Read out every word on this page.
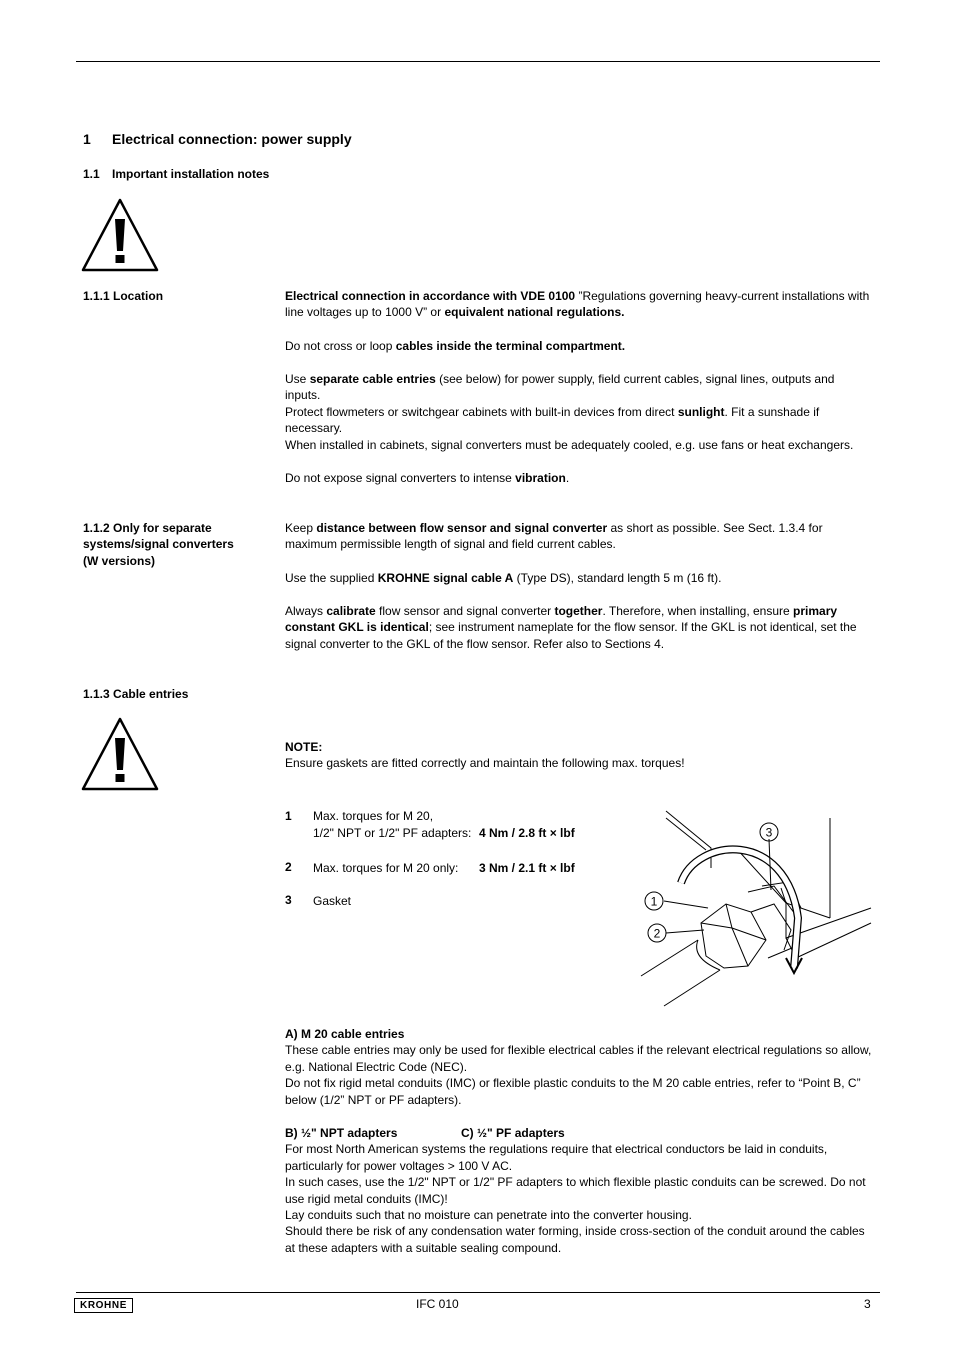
1 Electrical connection: power supply
1.1 Important installation notes

1.1.1 Location	Electrical connection in accordance with VDE 0100 ”Regulations governing heavy-current installations with line voltages up to 1000 V” or equivalent national regulations.

Do not cross or loop cables inside the terminal compartment.

Use separate cable entries (see below) for power supply, field current cables, signal lines, outputs and inputs.

Protect flowmeters or switchgear cabinets with built-in devices from direct sunlight. Fit a sunshade if necessary.

When installed in cabinets, signal converters must be adequately cooled, e.g. use fans or heat exchangers.

Do not expose signal converters to intense vibration.

1.1.2 Only for separate
systems/signal converters
(W versions)

Keep distance between flow sensor and signal converter as short as possible. See Sect. 1.3.4 for maximum permissible length of signal and field current cables.

Use the supplied KROHNE signal cable A (Type DS), standard length 5 m (16 ft).

Always calibrate flow sensor and signal converter together. Therefore, when installing, ensure primary constant GKL is identical; see instrument nameplate for the flow sensor. If the GKL is not identical, set the signal converter to the GKL of the flow sensor. Refer also to Sections 4.

1.1.3 Cable entries

NOTE:
Ensure gaskets are fitted correctly and maintain the following max. torques!

1 Max. torques for M 20,
1/2" NPT or 1/2" PF adapters: 4 Nm / 2.8 ft × lbf
2 Max. torques for M 20 only: 3 Nm / 2.1 ft × lbf
3 Gasket	1
2
3
A) M 20 cable entries
These cable entries may only be used for flexible electrical cables if the relevant electrical regulations so allow, e.g. National Electric Code (NEC).
Do not fix rigid metal conduits (IMC) or flexible plastic conduits to the M 20 cable entries, refer to “Point B, C” below (1/2” NPT or PF adapters).
B) ½" NPT adapters	C) ½" PF adapters
For most North American systems the regulations require that electrical conductors be laid in conduits, particularly for power voltages > 100 V AC.
In such cases, use the 1/2" NPT or 1/2" PF adapters to which flexible plastic conduits can be screwed. Do not use rigid metal conduits (IMC)!
Lay conduits such that no moisture can penetrate into the converter housing.
Should there be risk of any condensation water forming, inside cross-section of the conduit around the cables at these adapters with a suitable sealing compound.
KROHNE	IFC 010	3
